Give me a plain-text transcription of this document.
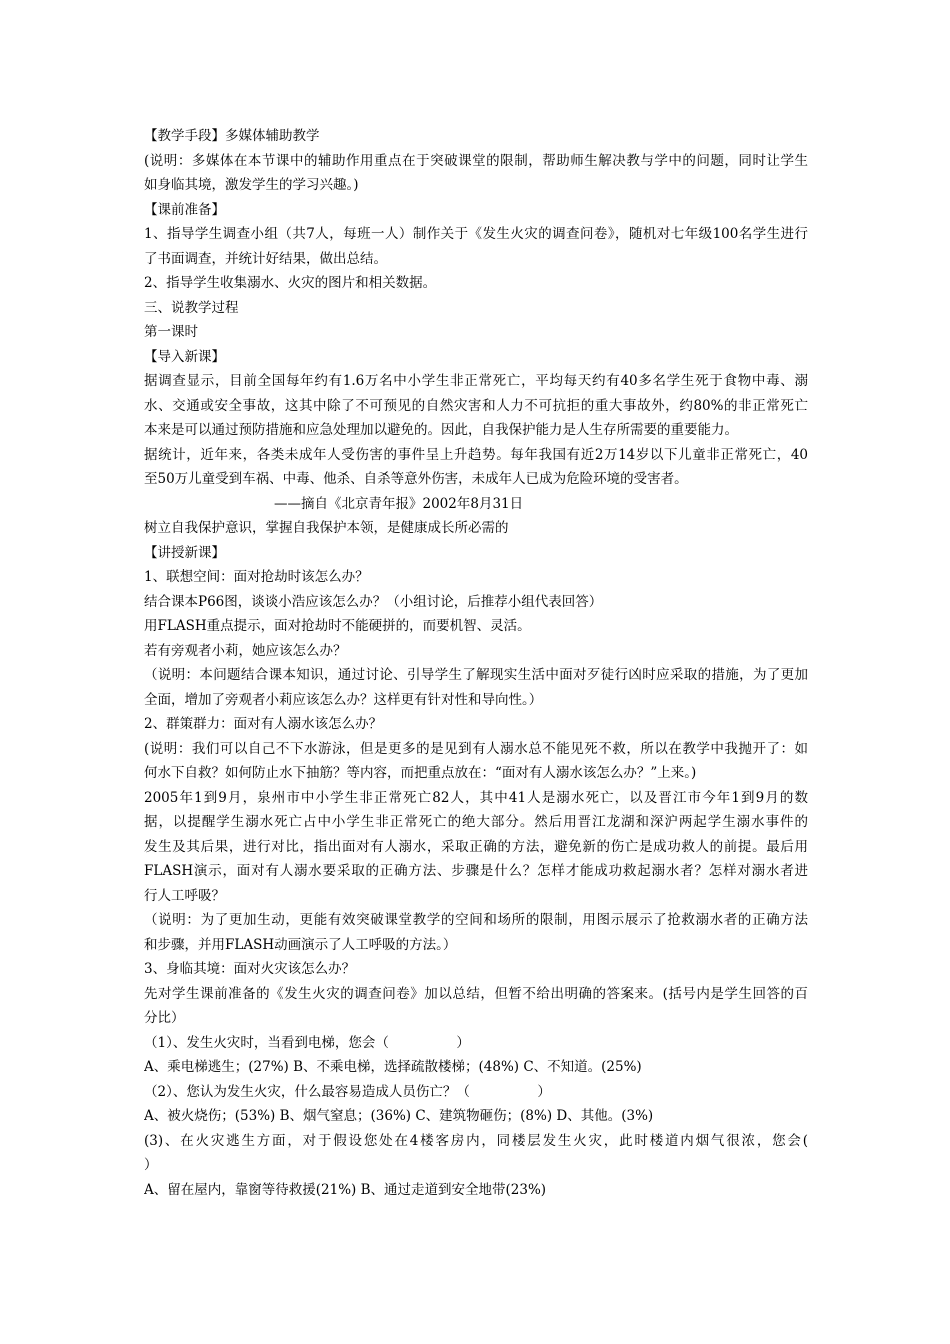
【教学手段】多媒体辅助教学
(说明：多媒体在本节课中的辅助作用重点在于突破课堂的限制，帮助师生解决教与学中的问题，同时让学生
如身临其境，激发学生的学习兴趣。)
【课前准备】
1、指导学生调查小组（共7人，每班一人）制作关于《发生火灾的调查问卷》，随机对七年级100名学生进行
了书面调查，并统计好结果，做出总结。
2、指导学生收集溺水、火灾的图片和相关数据。
三、说教学过程
第一课时
【导入新课】
据调查显示，目前全国每年约有1.6万名中小学生非正常死亡，平均每天约有40多名学生死于食物中毒、溺
水、交通或安全事故，这其中除了不可预见的自然灾害和人力不可抗拒的重大事故外，约80%的非正常死亡
本来是可以通过预防措施和应急处理加以避免的。因此，自我保护能力是人生存所需要的重要能力。
据统计，近年来，各类未成年人受伤害的事件呈上升趋势。每年我国有近2万14岁以下儿童非正常死亡，40
至50万儿童受到车祸、中毒、他杀、自杀等意外伤害，未成年人已成为危险环境的受害者。
——摘自《北京青年报》2002年8月31日
树立自我保护意识，掌握自我保护本领，是健康成长所必需的
【讲授新课】
1、联想空间：面对抢劫时该怎么办？
结合课本P66图，谈谈小浩应该怎么办？（小组讨论，后推荐小组代表回答）
用FLASH重点提示，面对抢劫时不能硬拼的，而要机智、灵活。
若有旁观者小莉，她应该怎么办？
（说明：本问题结合课本知识，通过讨论、引导学生了解现实生活中面对歹徒行凶时应采取的措施，为了更加
全面，增加了旁观者小莉应该怎么办？这样更有针对性和导向性。）
2、群策群力：面对有人溺水该怎么办？
(说明：我们可以自己不下水游泳，但是更多的是见到有人溺水总不能见死不救，所以在教学中我抛开了：如
何水下自救？如何防止水下抽筋？等内容，而把重点放在：“面对有人溺水该怎么办？”上来。)
2005年1到9月，泉州市中小学生非正常死亡82人，其中41人是溺水死亡，以及晋江市今年1到9月的数
据，以提醒学生溺水死亡占中小学生非正常死亡的绝大部分。然后用晋江龙湖和深沪两起学生溺水事件的
发生及其后果，进行对比，指出面对有人溺水，采取正确的方法，避免新的伤亡是成功救人的前提。最后用
FLASH演示，面对有人溺水要采取的正确方法、步骤是什么？怎样才能成功救起溺水者？怎样对溺水者进
行人工呼吸？
（说明：为了更加生动，更能有效突破课堂教学的空间和场所的限制，用图示展示了抢救溺水者的正确方法
和步骤，并用FLASH动画演示了人工呼吸的方法。）
3、身临其境：面对火灾该怎么办？
先对学生课前准备的《发生火灾的调查问卷》加以总结，但暂不给出明确的答案来。(括号内是学生回答的百
分比）
（1）、发生火灾时，当看到电梯，您会（　　　　　）
A、乘电梯逃生；(27%) B、不乘电梯，选择疏散楼梯；(48%) C、不知道。(25%)
（2）、您认为发生火灾，什么最容易造成人员伤亡？（　　　　　）
A、被火烧伤；(53%) B、烟气窒息；(36%) C、建筑物砸伤；(8%) D、其他。(3%)
(3)、在火灾逃生方面，对于假设您处在4楼客房内，同楼层发生火灾，此时楼道内烟气很浓，您会(
）
A、留在屋内，靠窗等待救援(21%) B、通过走道到安全地带(23%)
